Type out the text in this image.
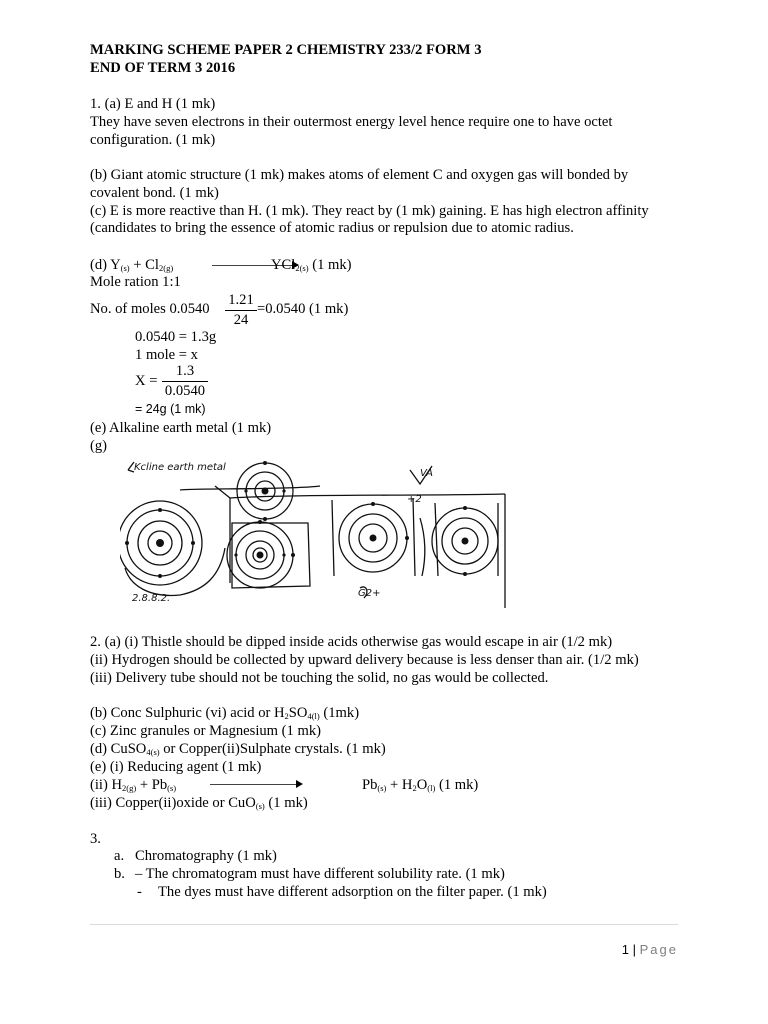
MARKING SCHEME PAPER 2 CHEMISTRY 233/2 FORM 3
END OF TERM 3 2016
1. (a) E and H (1 mk)
They have seven electrons in their outermost energy level hence require one to have octet
configuration. (1 mk)
(b) Giant atomic structure (1 mk) makes atoms of element C and oxygen gas will bonded by
covalent bond. (1 mk)
(c) E is more reactive than H. (1 mk). They react by (1 mk) gaining. E has high electron affinity
(candidates to bring the essence of atomic radius or repulsion due to atomic radius.
(d) $Y_{(s)} + Cl_{2(g)}$	YCl$_{2(s)}$ (1 mk)
Mole ration 1:1
No. of moles 0.0540
1.21
24
=0.0540 (1 mk)
0.0540 = 1.3g
1 mole = x
X =
1.3
0.0540
= 24g (1 mk)
(e) Alkaline earth metal (1 mk)
(g)
Kcline earth metal
VA
+2
2.8.8.2.	G2+
2. (a) (i) Thistle should be dipped inside acids otherwise gas would escape in air (1/2 mk)
(ii) Hydrogen should be collected by upward delivery because is less denser than air. (1/2 mk)
(iii) Delivery tube should not be touching the solid, no gas would be collected.
(b) Conc Sulphuric (vi) acid or $H_2SO_{4(l)}$ (1mk)
(c) Zinc granules or Magnesium (1 mk)
(d) CuSO$_{4(s)}$ or Copper(ii)Sulphate crystals. (1 mk)
(e) (i) Reducing agent (1 mk)
(ii) $H_{2(g)} + Pb_{(s)}$	$Pb_{(s)} + H_2O_{(l)}$ (1 mk)
(iii) Copper(ii)oxide or CuO$_{(s)}$ (1 mk)
3.
a. Chromatography (1 mk)
b. – The chromatogram must have different solubility rate. (1 mk)
- The dyes must have different adsorption on the filter paper. (1 mk)
1 | Page
